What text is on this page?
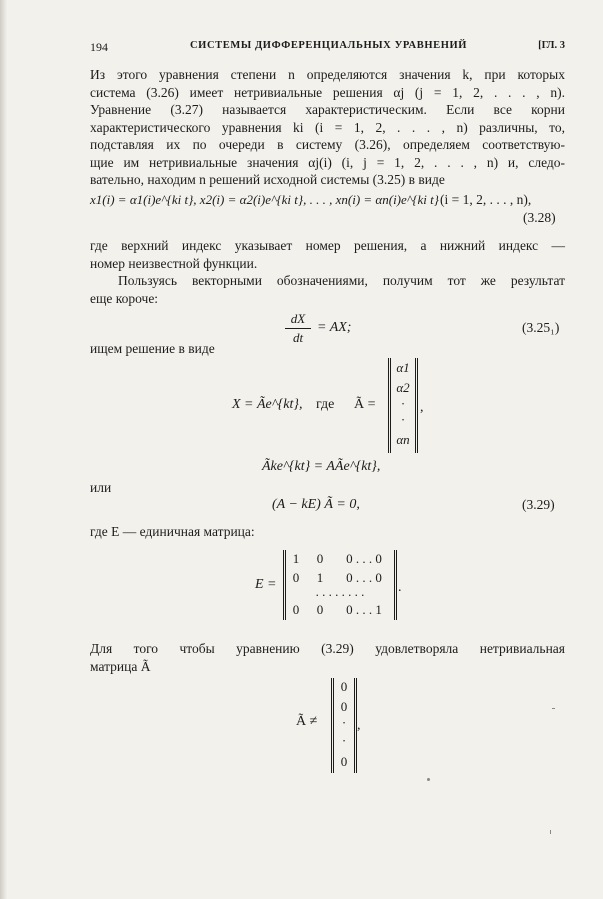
194	СИСТЕМЫ ДИФФЕРЕНЦИАЛЬНЫХ УРАВНЕНИЙ	[ГЛ. 3
Из этого уравнения степени n определяются значения k, при которых
система (3.26) имеет нетривиальные решения αj (j = 1, 2, . . . , n).
Уравнение (3.27) называется характеристическим. Если все корни
характеристического уравнения ki (i = 1, 2, . . . , n) различны, то,
подставляя их по очереди в систему (3.26), определяем соответствую-
щие им нетривиальные значения αj(i) (i, j = 1, 2, . . . , n) и, следо-
вательно, находим n решений исходной системы (3.25) в виде
x1(i) = α1(i)e^{ki t}, x2(i) = α2(i)e^{ki t}, . . . , xn(i) = αn(i)e^{ki t} (i = 1, 2, . . . , n),
(3.28)
где верхний индекс указывает номер решения, а нижний индекс —
номер неизвестной функции.
Пользуясь векторными обозначениями, получим тот же результат
еще короче:
dX
dt
= AX;	(3.25₁)
ищем решение в виде
X = Ãe^{kt}, где Ã =
α1
α2
·
·
αn
,
Ãke^{kt} = AÃe^{kt},
или
(A − kE) Ã = 0,	(3.29)
где E — единичная матрица:
E =
1	0	0 . . . 0
0	1	0 . . . 0
. . . . . . . .
0	0	0 . . . 1
.
Для того чтобы уравнению (3.29) удовлетворяла нетривиальная
матрица Ã
Ã ≠
0
0
·
·
0
,
